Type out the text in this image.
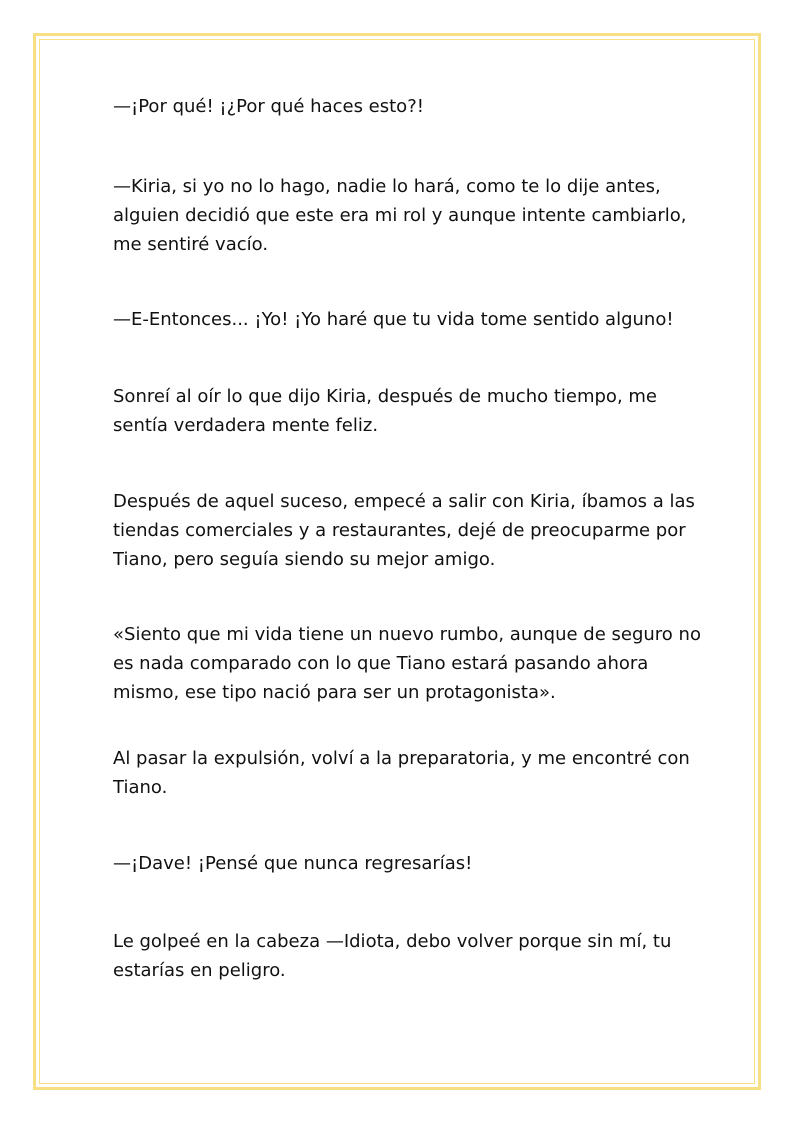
—¡Por qué! ¡¿Por qué haces esto?!

—Kiria, si yo no lo hago, nadie lo hará, como te lo dije antes,
alguien decidió que este era mi rol y aunque intente cambiarlo,
me sentiré vacío.

—E-Entonces... ¡Yo! ¡Yo haré que tu vida tome sentido alguno!

Sonreí al oír lo que dijo Kiria, después de mucho tiempo, me
sentía verdadera mente feliz.

Después de aquel suceso, empecé a salir con Kiria, íbamos a las
tiendas comerciales y a restaurantes, dejé de preocuparme por
Tiano, pero seguía siendo su mejor amigo.

«Siento que mi vida tiene un nuevo rumbo, aunque de seguro no
es nada comparado con lo que Tiano estará pasando ahora
mismo, ese tipo nació para ser un protagonista».

Al pasar la expulsión, volví a la preparatoria, y me encontré con
Tiano.

—¡Dave! ¡Pensé que nunca regresarías!

Le golpeé en la cabeza —Idiota, debo volver porque sin mí, tu
estarías en peligro.
